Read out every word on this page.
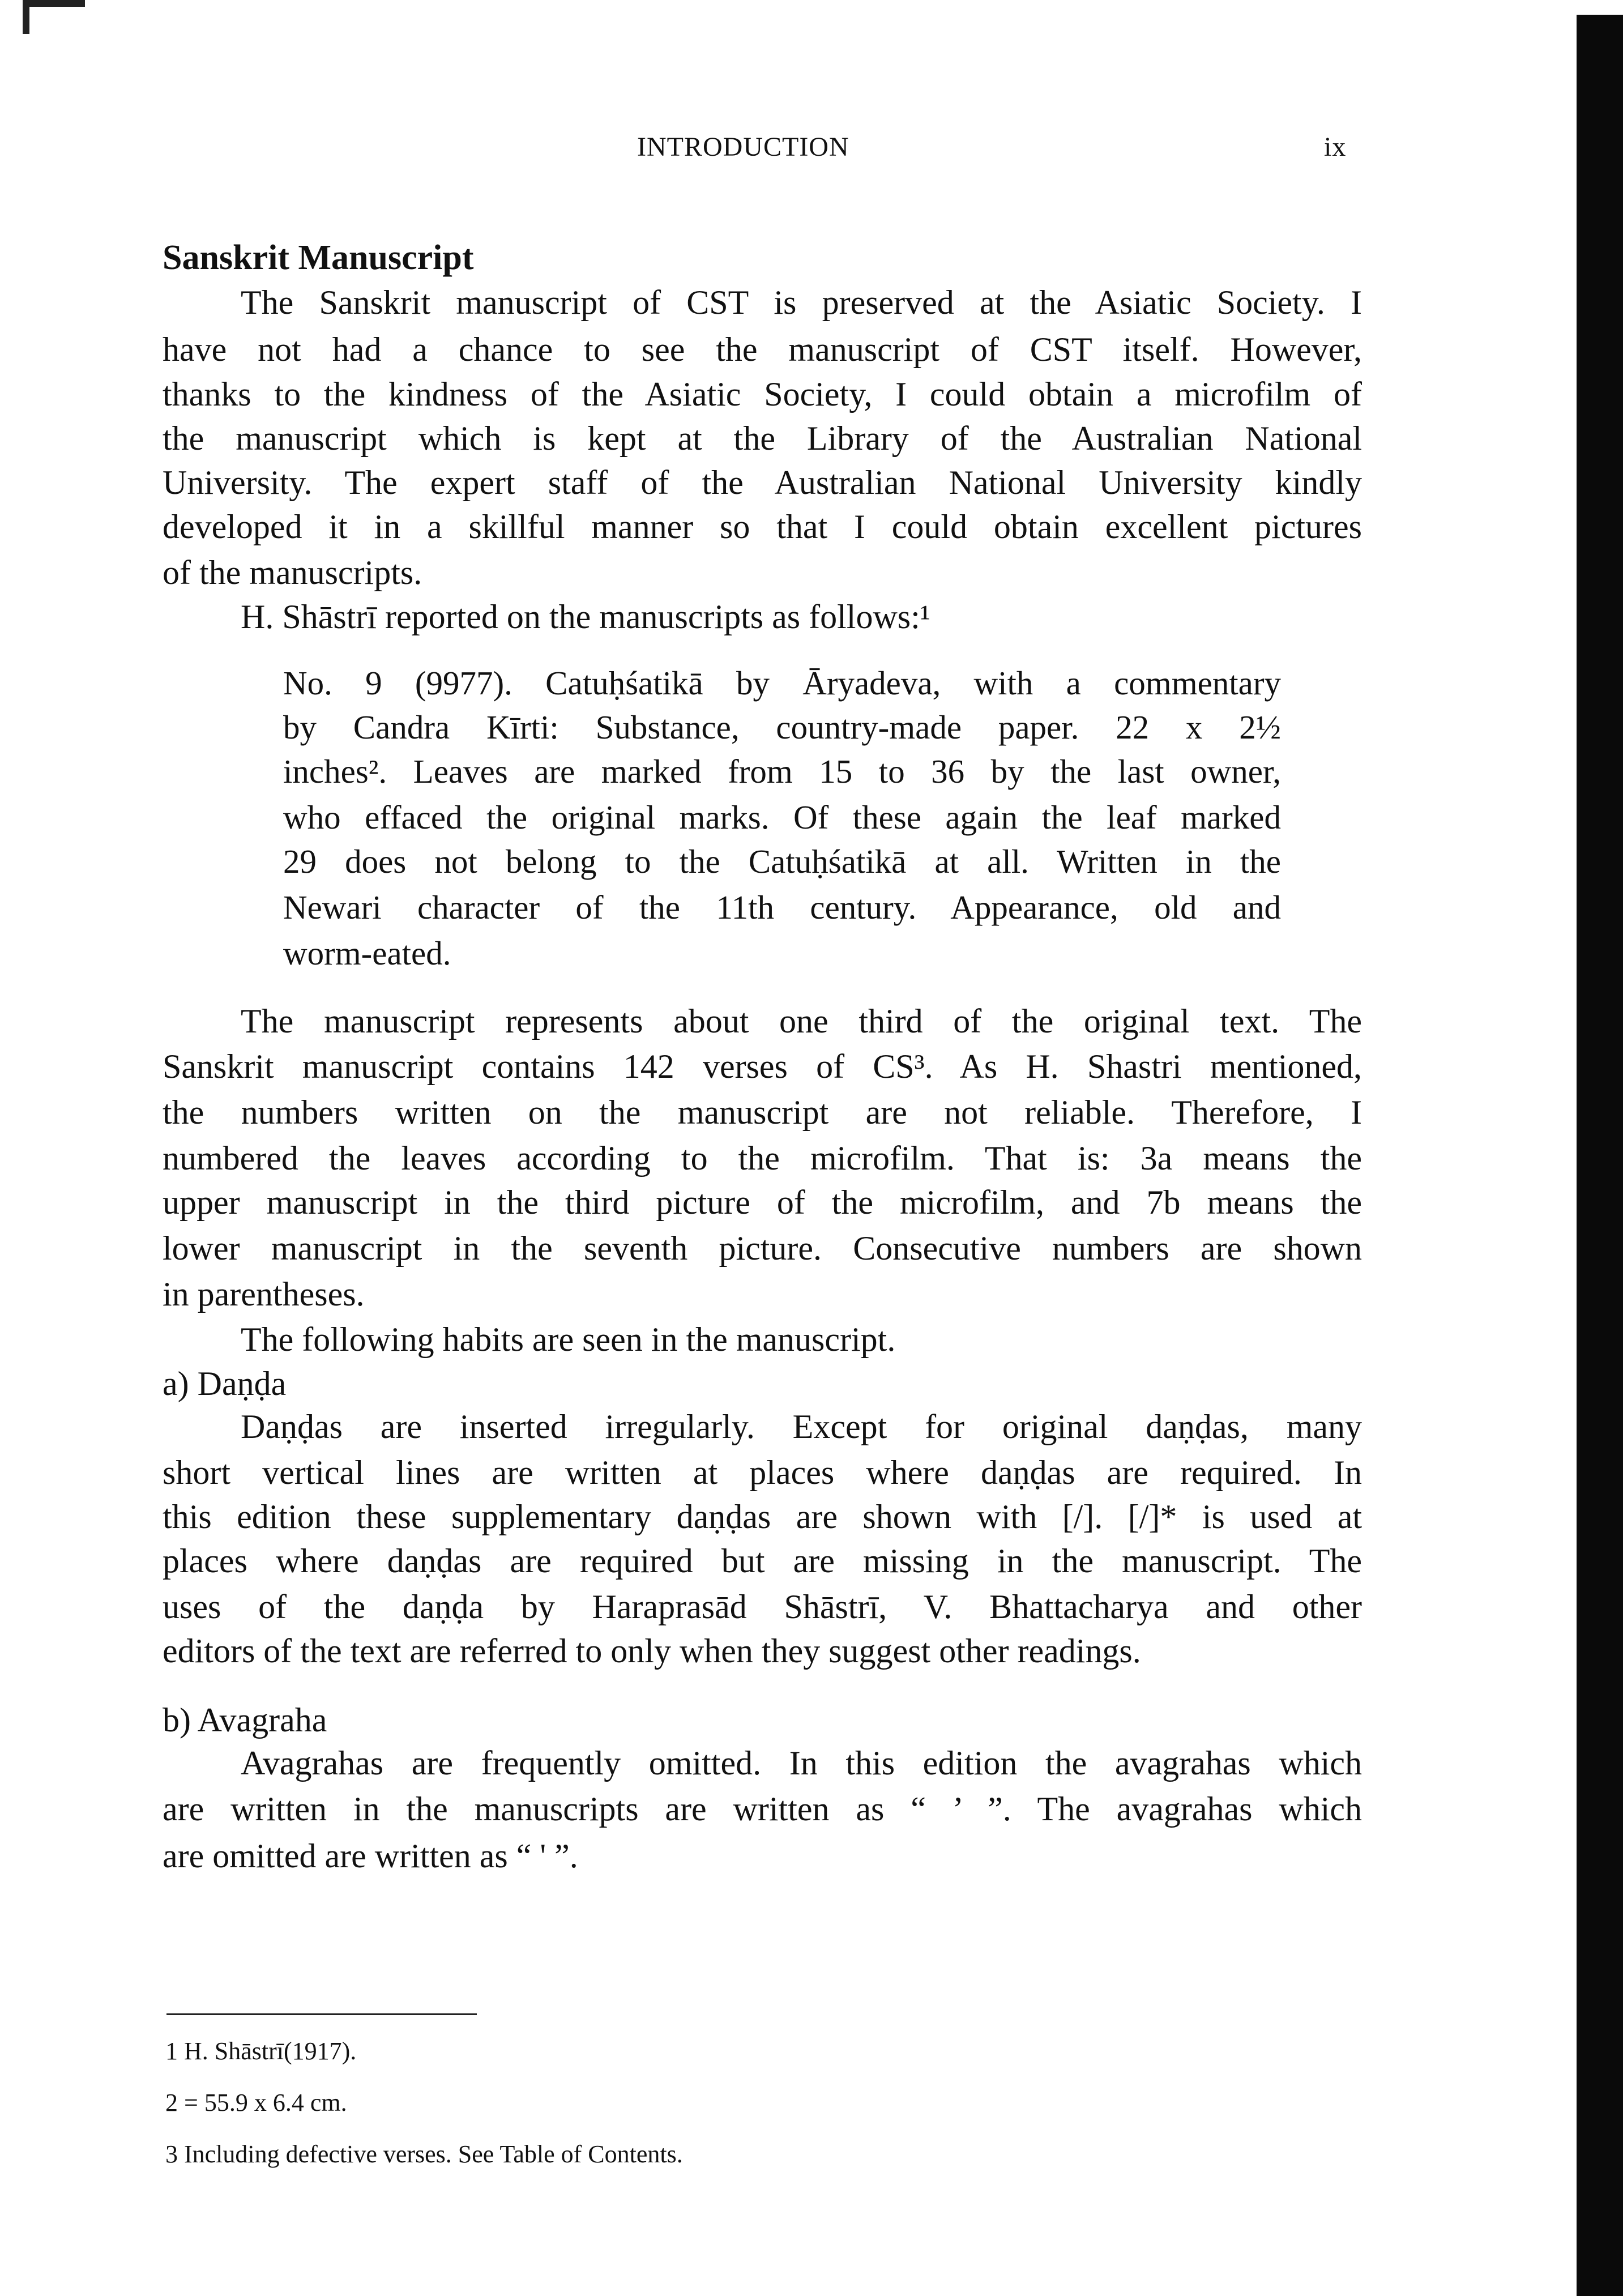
INTRODUCTION	ix
Sanskrit Manuscript
The Sanskrit manuscript of CST is preserved at the Asiatic Society. I
have not had a chance to see the manuscript of CST itself. However,
thanks to the kindness of the Asiatic Society, I could obtain a microfilm of
the manuscript which is kept at the Library of the Australian National
University. The expert staff of the Australian National University kindly
developed it in a skillful manner so that I could obtain excellent pictures
of the manuscripts.
H. Shāstrī reported on the manuscripts as follows:¹
No. 9 (9977). Catuḥśatikā by Āryadeva, with a commentary
by Candra Kīrti: Substance, country-made paper. 22 x 2½
inches². Leaves are marked from 15 to 36 by the last owner,
who effaced the original marks. Of these again the leaf marked
29 does not belong to the Catuḥśatikā at all. Written in the
Newari character of the 11th century. Appearance, old and
worm-eated.
The manuscript represents about one third of the original text. The
Sanskrit manuscript contains 142 verses of CS³. As H. Shastri mentioned,
the numbers written on the manuscript are not reliable. Therefore, I
numbered the leaves according to the microfilm. That is: 3a means the
upper manuscript in the third picture of the microfilm, and 7b means the
lower manuscript in the seventh picture. Consecutive numbers are shown
in parentheses.
The following habits are seen in the manuscript.
a) Daṇḍa
Daṇḍas are inserted irregularly. Except for original daṇḍas, many
short vertical lines are written at places where daṇḍas are required. In
this edition these supplementary daṇḍas are shown with [/]. [/]* is used at
places where daṇḍas are required but are missing in the manuscript. The
uses of the daṇḍa by Haraprasād Shāstrī, V. Bhattacharya and other
editors of the text are referred to only when they suggest other readings.
b) Avagraha
Avagrahas are frequently omitted. In this edition the avagrahas which
are written in the manuscripts are written as “ ’ ”. The avagrahas which
are omitted are written as “ ' ”.
1 H. Shāstrī(1917).
2 = 55.9 x 6.4 cm.
3 Including defective verses. See Table of Contents.
